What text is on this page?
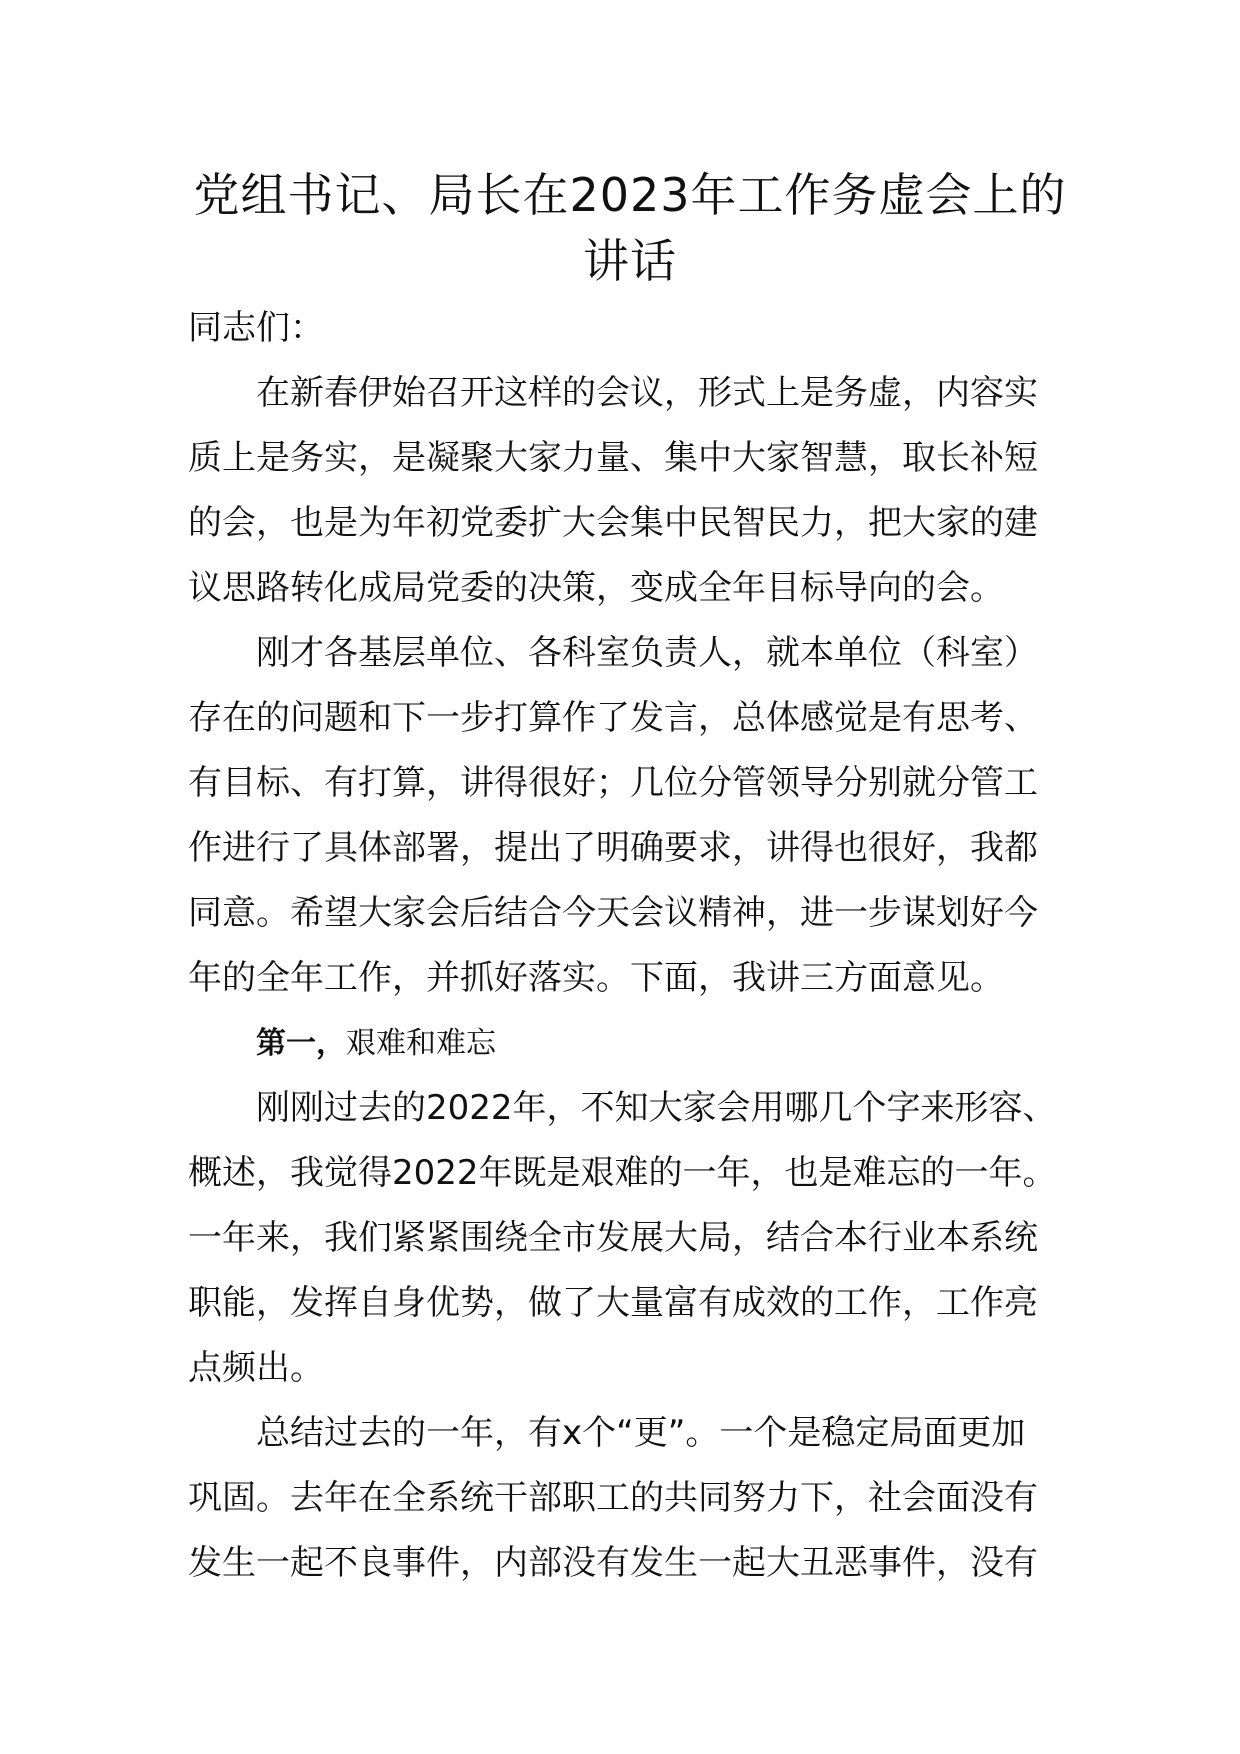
党组书记、局长在2023年工作务虚会上的
讲话
同志们：
在新春伊始召开这样的会议，形式上是务虚，内容实
质上是务实，是凝聚大家力量、集中大家智慧，取长补短
的会，也是为年初党委扩大会集中民智民力，把大家的建
议思路转化成局党委的决策，变成全年目标导向的会。
刚才各基层单位、各科室负责人，就本单位（科室）
存在的问题和下一步打算作了发言，总体感觉是有思考、
有目标、有打算，讲得很好；几位分管领导分别就分管工
作进行了具体部署，提出了明确要求，讲得也很好，我都
同意。希望大家会后结合今天会议精神，进一步谋划好今
年的全年工作，并抓好落实。下面，我讲三方面意见。
第一，艰难和难忘
刚刚过去的2022年，不知大家会用哪几个字来形容、
概述，我觉得2022年既是艰难的一年，也是难忘的一年。
一年来，我们紧紧围绕全市发展大局，结合本行业本系统
职能，发挥自身优势，做了大量富有成效的工作，工作亮
点频出。
总结过去的一年，有x个“更”。一个是稳定局面更加
巩固。去年在全系统干部职工的共同努力下，社会面没有
发生一起不良事件，内部没有发生一起大丑恶事件，没有
